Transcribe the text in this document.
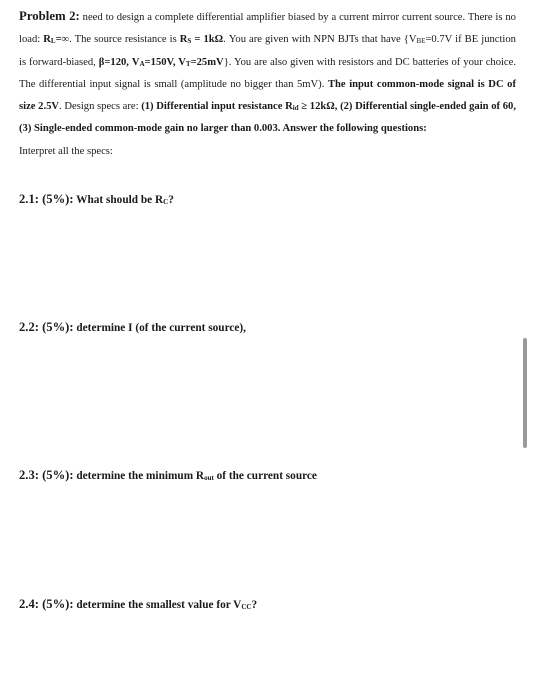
Problem 2: need to design a complete differential amplifier biased by a current mirror current source. There is no load: $R_L=\infty$. The source resistance is $R_S = 1k\Omega$. You are given with NPN BJTs that have {$V_{BE}=0.7V$ if BE junction is forward-biased, β=120, $V_A=150V$, $V_T=25mV$}. You are also given with resistors and DC batteries of your choice. The differential input signal is small (amplitude no bigger than 5mV). The input common-mode signal is DC of size 2.5V. Design specs are: (1) Differential input resistance $R_{id} \ge 12k\Omega$, (2) Differential single-ended gain of 60, (3) Single-ended common-mode gain no larger than 0.003. Answer the following questions:
Interpret all the specs:
2.1: (5%): What should be $R_C$?
2.2: (5%): determine I (of the current source),
2.3: (5%): determine the minimum $R_{out}$ of the current source
2.4: (5%): determine the smallest value for $V_{CC}$?
